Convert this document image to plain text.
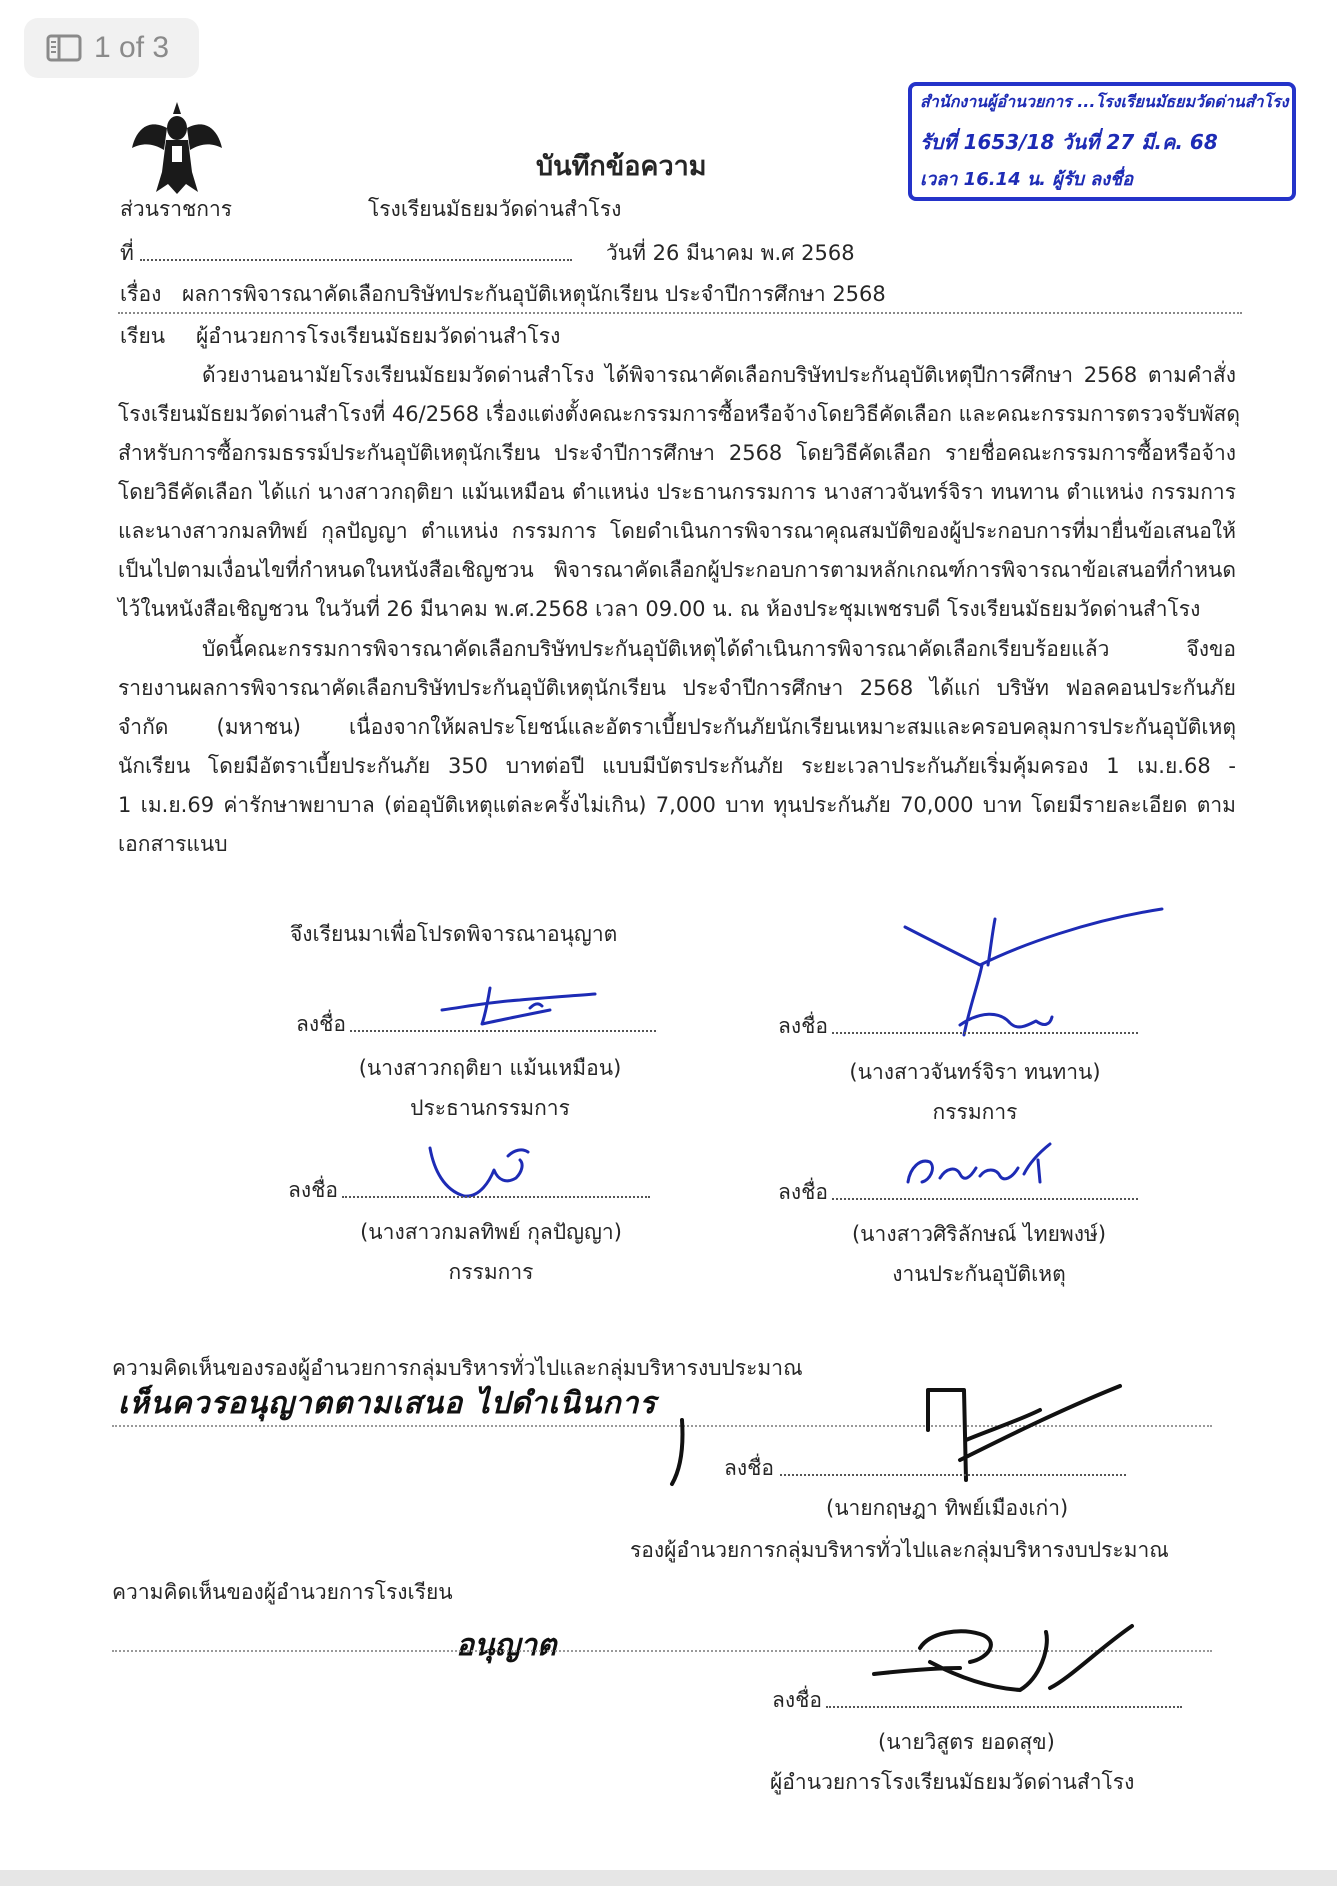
1 of 3
สำนักงานผู้อำนวยการ ...โรงเรียนมัธยมวัดด่านสำโรง
รับที่ 1653/18 วันที่ 27 มี.ค. 68
เวลา 16.14 น. ผู้รับ ลงชื่อ
บันทึกข้อความ
ส่วนราชการ	โรงเรียนมัธยมวัดด่านสำโรง
ที่	วันที่ 26 มีนาคม พ.ศ 2568
เรื่อง ผลการพิจารณาคัดเลือกบริษัทประกันอุบัติเหตุนักเรียน ประจำปีการศึกษา 2568
เรียน ผู้อำนวยการโรงเรียนมัธยมวัดด่านสำโรง
ด้วยงานอนามัยโรงเรียนมัธยมวัดด่านสำโรง ได้พิจารณาคัดเลือกบริษัทประกันอุบัติเหตุปีการศึกษา 2568 ตามคำสั่ง
โรงเรียนมัธยมวัดด่านสำโรงที่ 46/2568 เรื่องแต่งตั้งคณะกรรมการซื้อหรือจ้างโดยวิธีคัดเลือก และคณะกรรมการตรวจรับพัสดุ
สำหรับการซื้อกรมธรรม์ประกันอุบัติเหตุนักเรียน ประจำปีการศึกษา 2568 โดยวิธีคัดเลือก รายชื่อคณะกรรมการซื้อหรือจ้าง
โดยวิธีคัดเลือก ได้แก่ นางสาวกฤติยา แม้นเหมือน ตำแหน่ง ประธานกรรมการ นางสาวจันทร์จิรา ทนทาน ตำแหน่ง กรรมการ
และนางสาวกมลทิพย์ กุลปัญญา ตำแหน่ง กรรมการ โดยดำเนินการพิจารณาคุณสมบัติของผู้ประกอบการที่มายื่นข้อเสนอให้
เป็นไปตามเงื่อนไขที่กำหนดในหนังสือเชิญชวน พิจารณาคัดเลือกผู้ประกอบการตามหลักเกณฑ์การพิจารณาข้อเสนอที่กำหนด
ไว้ในหนังสือเชิญชวน ในวันที่ 26 มีนาคม พ.ศ.2568 เวลา 09.00 น. ณ ห้องประชุมเพชรบดี โรงเรียนมัธยมวัดด่านสำโรง
บัดนี้คณะกรรมการพิจารณาคัดเลือกบริษัทประกันอุบัติเหตุได้ดำเนินการพิจารณาคัดเลือกเรียบร้อยแล้ว จึงขอ
รายงานผลการพิจารณาคัดเลือกบริษัทประกันอุบัติเหตุนักเรียน ประจำปีการศึกษา 2568 ได้แก่ บริษัท ฟอลคอนประกันภัย
จำกัด (มหาชน) เนื่องจากให้ผลประโยชน์และอัตราเบี้ยประกันภัยนักเรียนเหมาะสมและครอบคลุมการประกันอุบัติเหตุ
นักเรียน โดยมีอัตราเบี้ยประกันภัย 350 บาทต่อปี แบบมีบัตรประกันภัย ระยะเวลาประกันภัยเริ่มคุ้มครอง 1 เม.ย.68 -
1 เม.ย.69 ค่ารักษาพยาบาล (ต่ออุบัติเหตุแต่ละครั้งไม่เกิน) 7,000 บาท ทุนประกันภัย 70,000 บาท โดยมีรายละเอียด ตาม
เอกสารแนบ
จึงเรียนมาเพื่อโปรดพิจารณาอนุญาต
ลงชื่อ
(นางสาวกฤติยา แม้นเหมือน)
ประธานกรรมการ
ลงชื่อ
(นางสาวจันทร์จิรา ทนทาน)
กรรมการ
ลงชื่อ
(นางสาวกมลทิพย์ กุลปัญญา)
กรรมการ
ลงชื่อ
(นางสาวศิริลักษณ์ ไทยพงษ์)
งานประกันอุบัติเหตุ
ความคิดเห็นของรองผู้อำนวยการกลุ่มบริหารทั่วไปและกลุ่มบริหารงบประมาณ
เห็นควรอนุญาตตามเสนอ ไปดำเนินการ
ลงชื่อ
(นายกฤษฎา ทิพย์เมืองเก่า)
รองผู้อำนวยการกลุ่มบริหารทั่วไปและกลุ่มบริหารงบประมาณ
ความคิดเห็นของผู้อำนวยการโรงเรียน
อนุญาต
ลงชื่อ
(นายวิสูตร ยอดสุข)
ผู้อำนวยการโรงเรียนมัธยมวัดด่านสำโรง
